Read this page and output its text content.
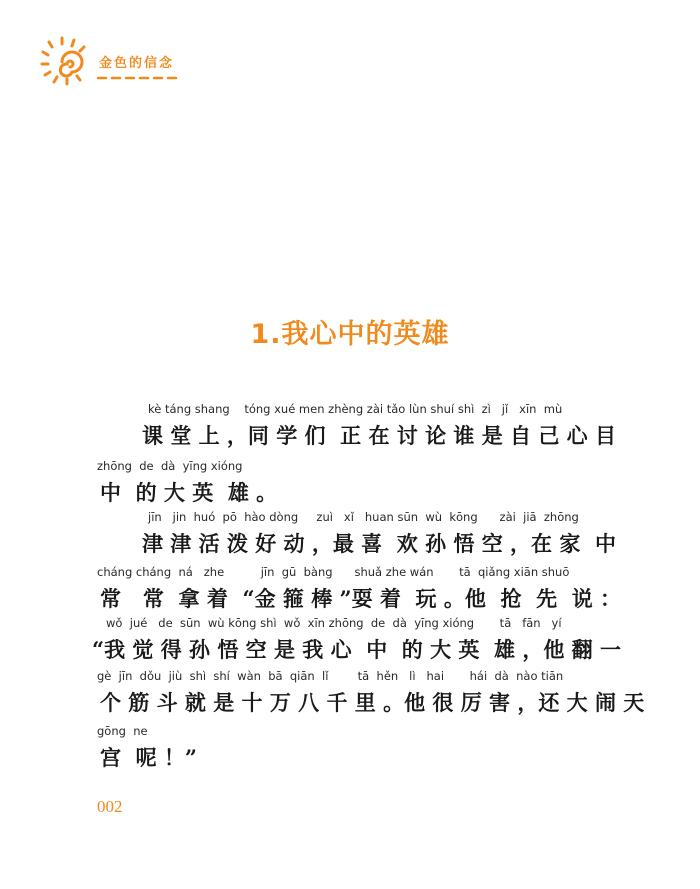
金色的信念
1.我心中的英雄
kè táng shang    tóng xué men zhèng zài tǎo lùn shuí shì  zì   jǐ   xīn  mù
课 堂 上 ，同 学 们  正 在 讨 论 谁 是 自 己 心 目
zhōng  de  dà  yīng xióng
中  的 大 英  雄 。
jīn   jin  huó  pō  hào dòng     zuì   xǐ   huan sūn  wù  kōng      zài  jiā  zhōng
津 津 活 泼 好 动 ，最 喜  欢 孙 悟 空 ，在 家  中
cháng cháng  ná   zhe          jīn  gū  bàng      shuǎ zhe wán       tā  qiǎng xiān shuō
常   常  拿 着  “金 箍 棒 ”耍 着  玩 。他  抢  先  说 ：
wǒ  jué   de  sūn  wù kōng shì  wǒ  xīn zhōng  de  dà  yīng xióng       tā   fān   yí
“我 觉 得 孙 悟 空 是 我 心  中  的 大 英  雄 ，他 翻 一
gè  jīn  dǒu  jiù  shì  shí  wàn  bā  qiān  lǐ        tā  hěn   lì   hai       hái  dà  nào tiān
个 筋 斗 就 是 十 万 八 千 里 。他 很 厉 害 ，还 大 闹 天
gōng  ne
宫  呢 ！”
002
